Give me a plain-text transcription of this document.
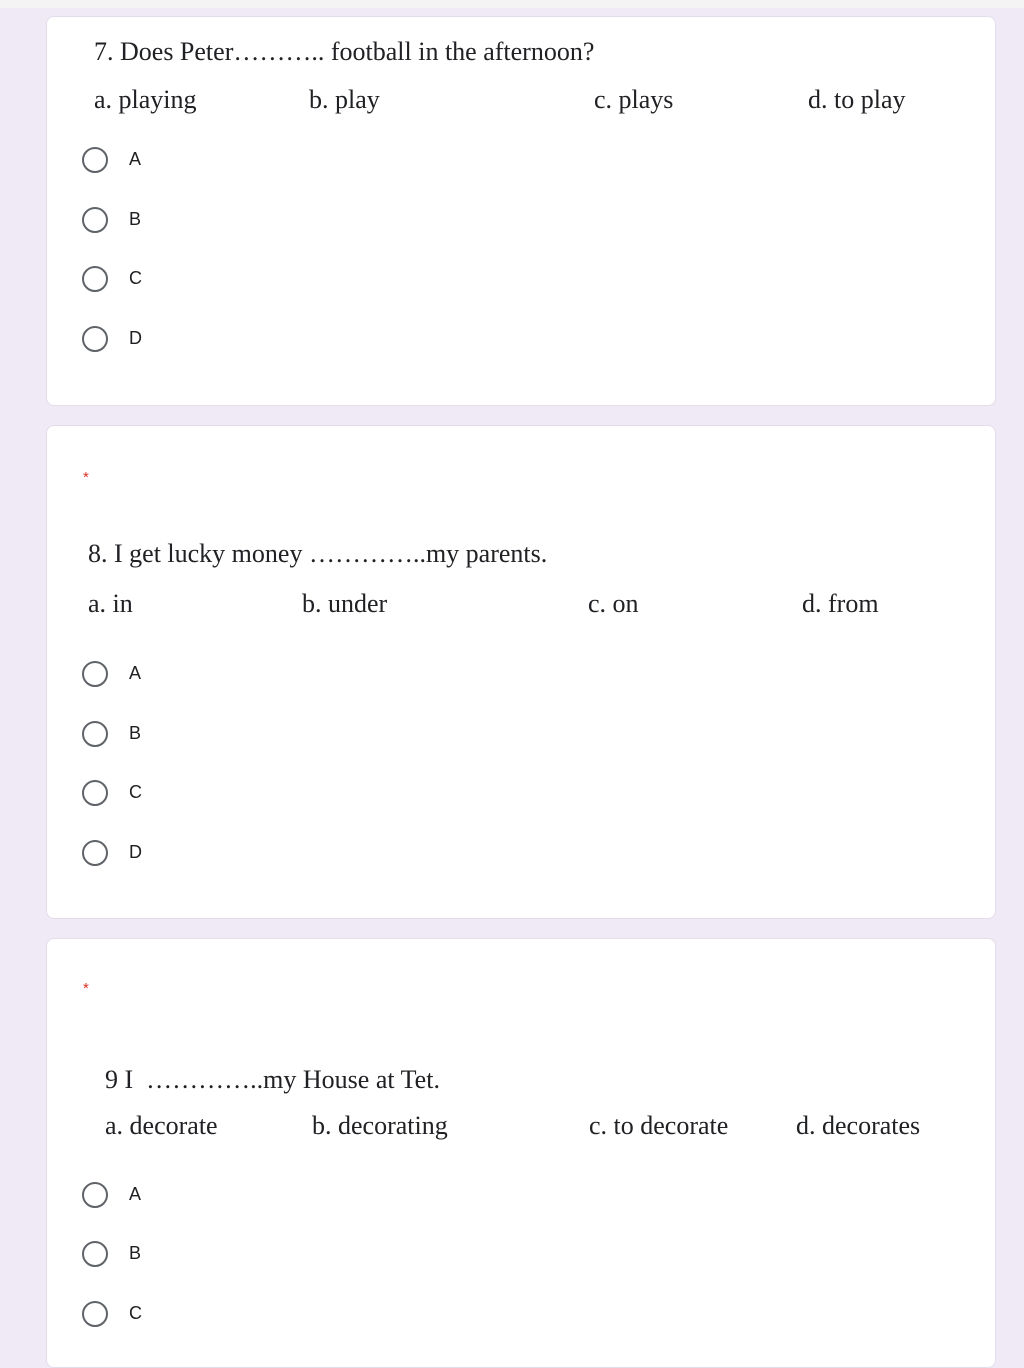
7. Does Peter……….. football in the afternoon?
a. playing	b. play	c. plays	d. to play
A
B
C
D
*
8. I get lucky money …………..my parents.
a. in	b. under	c. on	d. from
A
B
C
D
*
9 I  …………..my House at Tet.
a. decorate	b. decorating	c. to decorate	d. decorates
A
B
C
